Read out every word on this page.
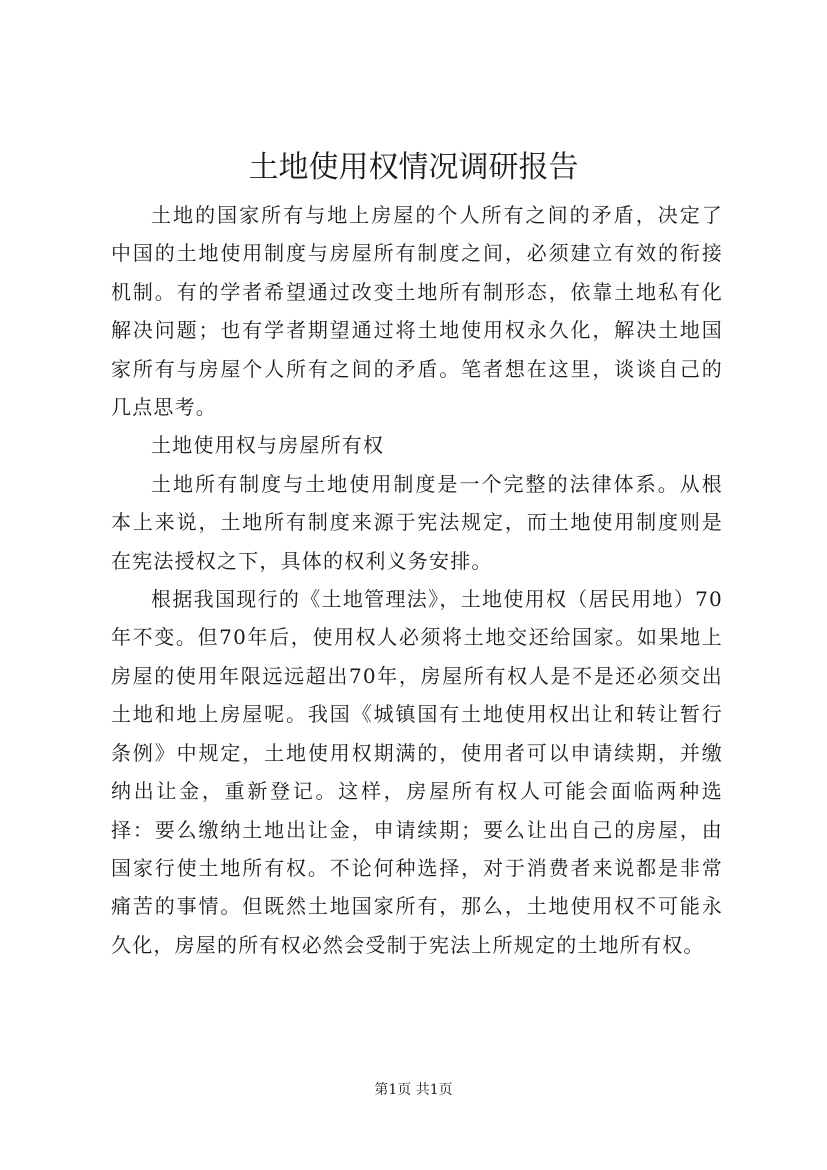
土地使用权情况调研报告

土地的国家所有与地上房屋的个人所有之间的矛盾，决定了中国的土地使用制度与房屋所有制度之间，必须建立有效的衔接机制。有的学者希望通过改变土地所有制形态，依靠土地私有化解决问题；也有学者期望通过将土地使用权永久化，解决土地国家所有与房屋个人所有之间的矛盾。笔者想在这里，谈谈自己的几点思考。

土地使用权与房屋所有权

土地所有制度与土地使用制度是一个完整的法律体系。从根本上来说，土地所有制度来源于宪法规定，而土地使用制度则是在宪法授权之下，具体的权利义务安排。

根据我国现行的《土地管理法》，土地使用权（居民用地）70年不变。但70年后，使用权人必须将土地交还给国家。如果地上房屋的使用年限远远超出70年，房屋所有权人是不是还必须交出土地和地上房屋呢。我国《城镇国有土地使用权出让和转让暂行条例》中规定，土地使用权期满的，使用者可以申请续期，并缴纳出让金，重新登记。这样，房屋所有权人可能会面临两种选择：要么缴纳土地出让金，申请续期；要么让出自己的房屋，由国家行使土地所有权。不论何种选择，对于消费者来说都是非常痛苦的事情。但既然土地国家所有，那么，土地使用权不可能永久化，房屋的所有权必然会受制于宪法上所规定的土地所有权。

第1页 共1页
